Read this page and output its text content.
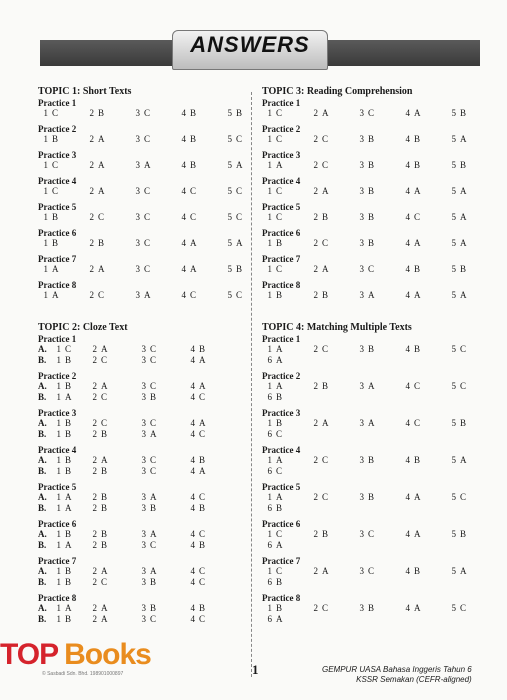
ANSWERS
TOPIC 1: Short Texts
Practice 1
1 C	2 B	3 C	4 B	5 B
Practice 2
1 B	2 A	3 C	4 B	5 C
Practice 3
1 C	2 A	3 A	4 B	5 A
Practice 4
1 C	2 A	3 C	4 C	5 C
Practice 5
1 B	2 C	3 C	4 C	5 C
Practice 6
1 B	2 B	3 C	4 A	5 A
Practice 7
1 A	2 A	3 C	4 A	5 B
Practice 8
1 A	2 C	3 A	4 C	5 C
TOPIC 2: Cloze Text
Practice 1
A. 1 C	2 A	3 C	4 B
B. 1 B	2 C	3 C	4 A
Practice 2
A. 1 B	2 A	3 C	4 A
B. 1 A	2 C	3 B	4 C
Practice 3
A. 1 B	2 C	3 C	4 A
B. 1 B	2 B	3 A	4 C
Practice 4
A. 1 B	2 A	3 C	4 B
B. 1 B	2 B	3 C	4 A
Practice 5
A. 1 A	2 B	3 A	4 C
B. 1 A	2 B	3 B	4 B
Practice 6
A. 1 B	2 B	3 A	4 C
B. 1 A	2 B	3 C	4 B
Practice 7
A. 1 B	2 A	3 A	4 C
B. 1 B	2 C	3 B	4 C
Practice 8
A. 1 A	2 A	3 B	4 B
B. 1 B	2 A	3 C	4 C
TOPIC 3: Reading Comprehension
Practice 1
1 C	2 A	3 C	4 A	5 B
Practice 2
1 C	2 C	3 B	4 B	5 A
Practice 3
1 A	2 C	3 B	4 B	5 B
Practice 4
1 C	2 A	3 B	4 A	5 A
Practice 5
1 C	2 B	3 B	4 C	5 A
Practice 6
1 B	2 C	3 B	4 A	5 A
Practice 7
1 C	2 A	3 C	4 B	5 B
Practice 8
1 B	2 B	3 A	4 A	5 A
TOPIC 4: Matching Multiple Texts
Practice 1
1 A	2 C	3 B	4 B	5 C
6 A
Practice 2
1 A	2 B	3 A	4 C	5 C
6 B
Practice 3
1 B	2 A	3 A	4 C	5 B
6 C
Practice 4
1 A	2 C	3 B	4 B	5 A
6 C
Practice 5
1 A	2 C	3 B	4 A	5 C
6 B
Practice 6
1 C	2 B	3 C	4 A	5 B
6 A
Practice 7
1 C	2 A	3 C	4 B	5 A
6 B
Practice 8
1 B	2 C	3 B	4 A	5 C
6 A
© Sasbadi Sdn. Bhd. 198901000897	1	GEMPUR UASA Bahasa Inggeris Tahun 6
KSSR Semakan (CEFR-aligned)
TOP Books
